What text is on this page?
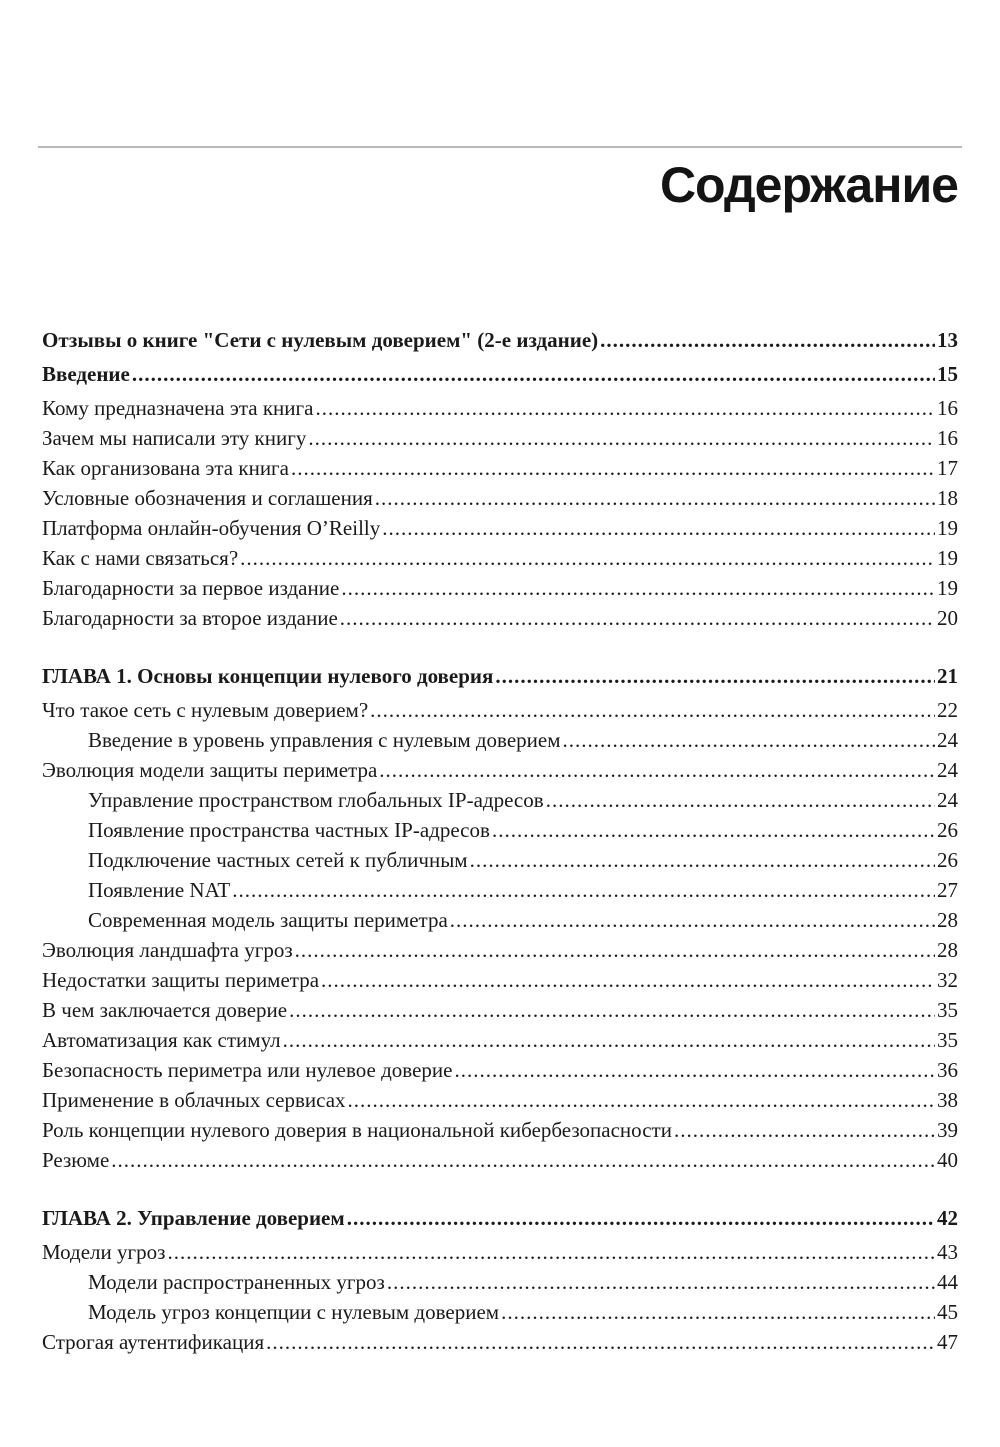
Содержание
Отзывы о книге "Сети с нулевым доверием" (2-е издание) .....	13
Введение .....	15
Кому предназначена эта книга .....	16
Зачем мы написали эту книгу .....	16
Как организована эта книга .....	17
Условные обозначения и соглашения .....	18
Платформа онлайн-обучения O’Reilly .....	19
Как с нами связаться? .....	19
Благодарности за первое издание .....	19
Благодарности за второе издание .....	20
ГЛАВА 1. Основы концепции нулевого доверия .....	21
Что такое сеть с нулевым доверием? .....	22
Введение в уровень управления с нулевым доверием .....	24
Эволюция модели защиты периметра .....	24
Управление пространством глобальных IP-адресов .....	24
Появление пространства частных IP-адресов .....	26
Подключение частных сетей к публичным .....	26
Появление NAT .....	27
Современная модель защиты периметра .....	28
Эволюция ландшафта угроз .....	28
Недостатки защиты периметра .....	32
В чем заключается доверие .....	35
Автоматизация как стимул .....	35
Безопасность периметра или нулевое доверие .....	36
Применение в облачных сервисах .....	38
Роль концепции нулевого доверия в национальной кибербезопасности .....	39
Резюме .....	40
ГЛАВА 2. Управление доверием .....	42
Модели угроз .....	43
Модели распространенных угроз .....	44
Модель угроз концепции с нулевым доверием .....	45
Строгая аутентификация .....	47
